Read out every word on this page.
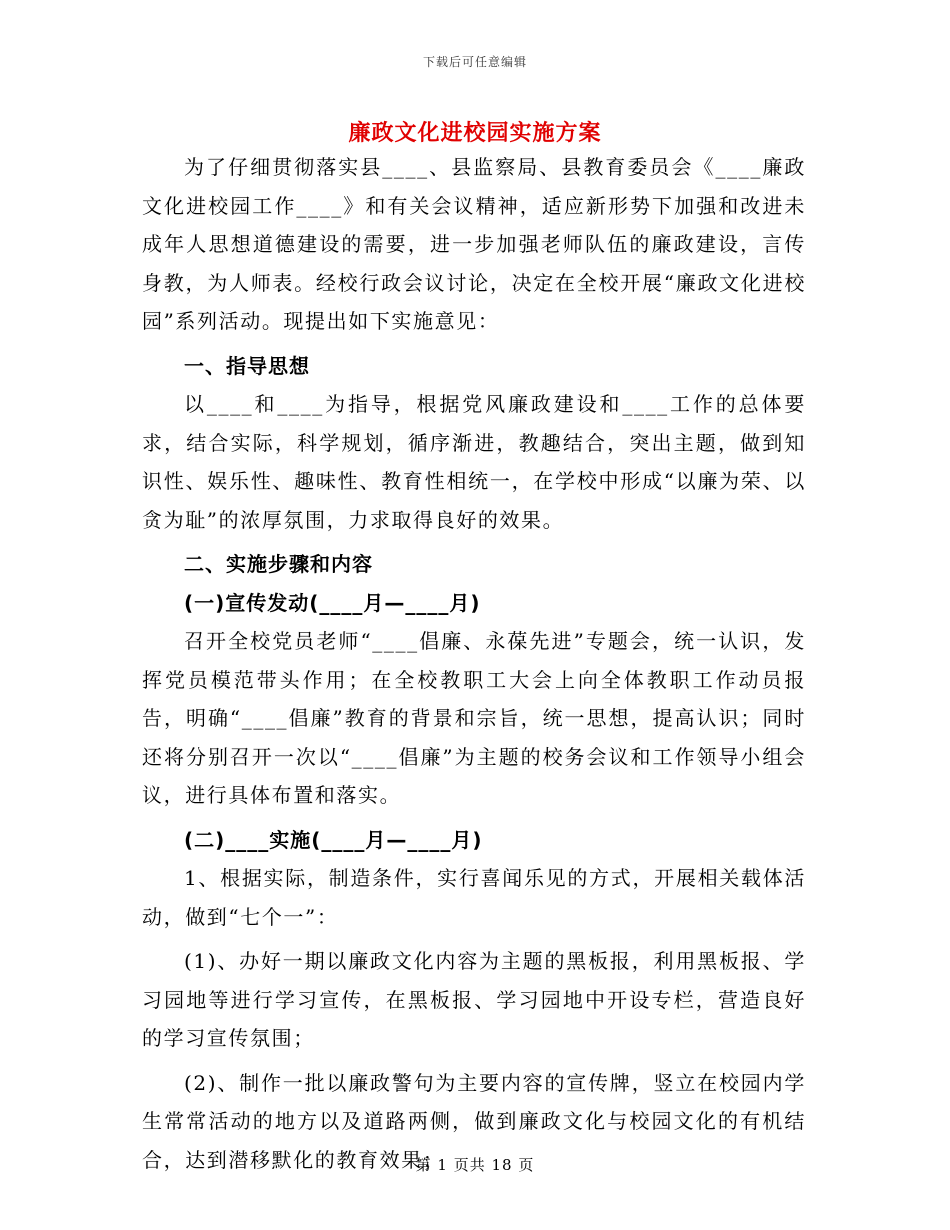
下载后可任意编辑
廉政文化进校园实施方案

为了仔细贯彻落实县____、县监察局、县教育委员会《____廉政文化进校园工作____》和有关会议精神，适应新形势下加强和改进未成年人思想道德建设的需要，进一步加强老师队伍的廉政建设，言传身教，为人师表。经校行政会议讨论，决定在全校开展“廉政文化进校园”系列活动。现提出如下实施意见：

一、指导思想

以____和____为指导，根据党风廉政建设和____工作的总体要求，结合实际，科学规划，循序渐进，教趣结合，突出主题，做到知识性、娱乐性、趣味性、教育性相统一，在学校中形成“以廉为荣、以贪为耻”的浓厚氛围，力求取得良好的效果。

二、实施步骤和内容

(一)宣传发动(____月—____月)

召开全校党员老师“____倡廉、永葆先进”专题会，统一认识，发挥党员模范带头作用；在全校教职工大会上向全体教职工作动员报告，明确“____倡廉”教育的背景和宗旨，统一思想，提高认识；同时还将分别召开一次以“____倡廉”为主题的校务会议和工作领导小组会议，进行具体布置和落实。

(二)____实施(____月—____月)

1、根据实际，制造条件，实行喜闻乐见的方式，开展相关载体活动，做到“七个一”：

(1)、办好一期以廉政文化内容为主题的黑板报，利用黑板报、学习园地等进行学习宣传，在黑板报、学习园地中开设专栏，营造良好的学习宣传氛围；

(2)、制作一批以廉政警句为主要内容的宣传牌，竖立在校园内学生常常活动的地方以及道路两侧，做到廉政文化与校园文化的有机结合，达到潜移默化的教育效果；

第 1 页共 18 页
